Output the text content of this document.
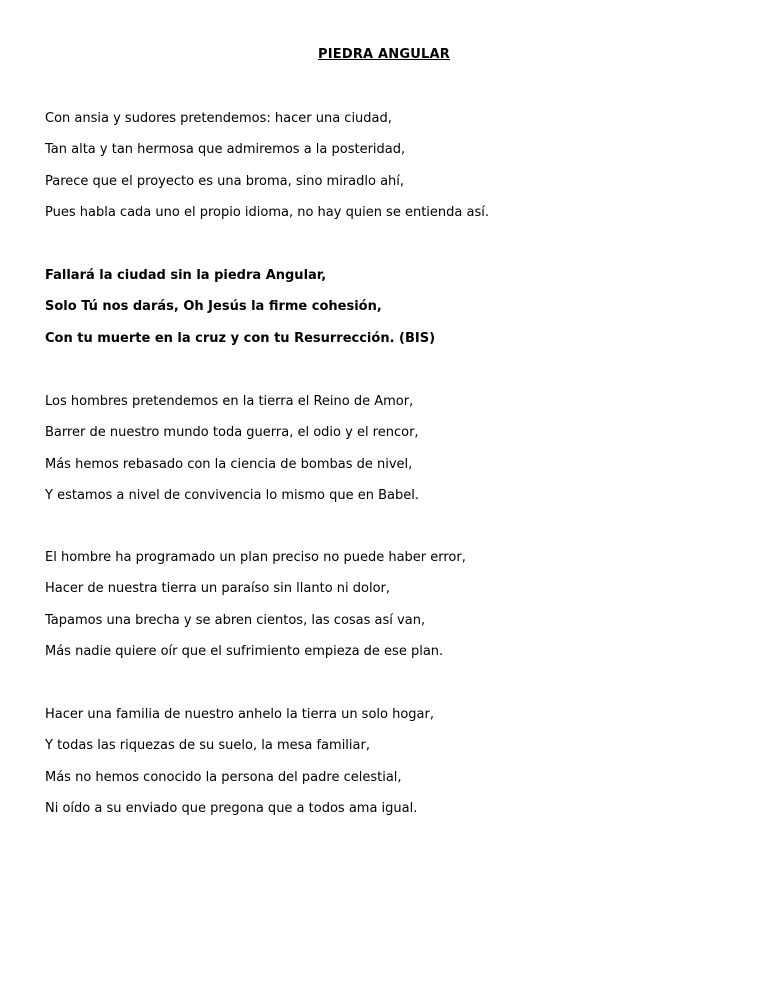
PIEDRA ANGULAR
Con ansia y sudores pretendemos: hacer una ciudad,
Tan alta y tan hermosa que admiremos a la posteridad,
Parece que el proyecto es una broma, sino miradlo ahí,
Pues habla cada uno el propio idioma, no hay quien se entienda así.
Fallará la ciudad sin la piedra Angular,
Solo Tú nos darás, Oh Jesús la firme cohesión,
Con tu muerte en la cruz y con tu Resurrección. (BIS)
Los hombres pretendemos en la tierra el Reino de Amor,
Barrer de nuestro mundo toda guerra, el odio y el rencor,
Más hemos rebasado con la ciencia de bombas de nivel,
Y estamos a nivel de convivencia lo mismo que en Babel.
El hombre ha programado un plan preciso no puede haber error,
Hacer de nuestra tierra un paraíso sin llanto ni dolor,
Tapamos una brecha y se abren cientos, las cosas así van,
Más nadie quiere oír que el sufrimiento empieza de ese plan.
Hacer una familia de nuestro anhelo la tierra un solo hogar,
Y todas las riquezas de su suelo, la mesa familiar,
Más no hemos conocido la persona del padre celestial,
Ni oído a su enviado que pregona que a todos ama igual.
